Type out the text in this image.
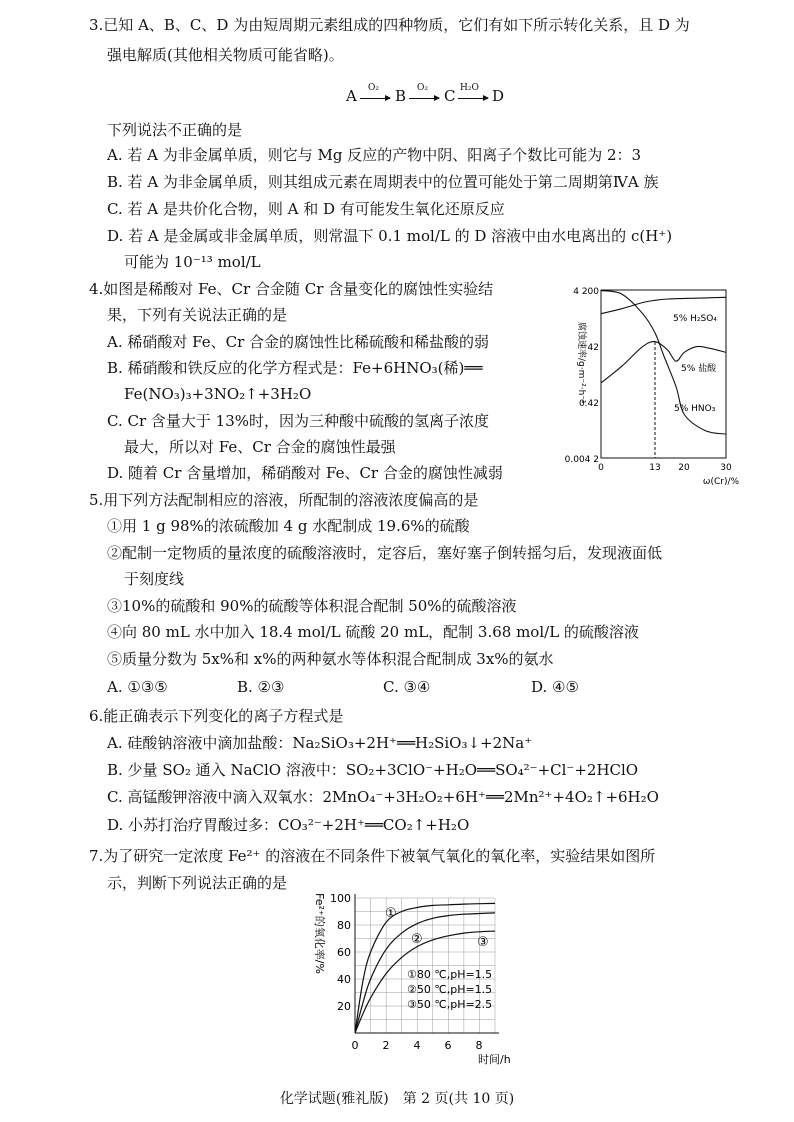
3.已知 A、B、C、D 为由短周期元素组成的四种物质，它们有如下所示转化关系，且 D 为
强电解质(其他相关物质可能省略)。
A O₂ B O₂ C H₂O D
下列说法不正确的是
A. 若 A 为非金属单质，则它与 Mg 反应的产物中阴、阳离子个数比可能为 2：3
B. 若 A 为非金属单质，则其组成元素在周期表中的位置可能处于第二周期第ⅣA 族
C. 若 A 是共价化合物，则 A 和 D 有可能发生氧化还原反应
D. 若 A 是金属或非金属单质，则常温下 0.1 mol/L 的 D 溶液中由水电离出的 c(H⁺)
可能为 10⁻¹³ mol/L
4.如图是稀酸对 Fe、Cr 合金随 Cr 含量变化的腐蚀性实验结
果，下列有关说法正确的是
A. 稀硝酸对 Fe、Cr 合金的腐蚀性比稀硫酸和稀盐酸的弱
B. 稀硝酸和铁反应的化学方程式是：Fe+6HNO₃(稀)══
Fe(NO₃)₃+3NO₂↑+3H₂O
C. Cr 含量大于 13%时，因为三种酸中硫酸的氢离子浓度
最大，所以对 Fe、Cr 合金的腐蚀性最强
D. 随着 Cr 含量增加，稀硝酸对 Fe、Cr 合金的腐蚀性减弱
腐蚀速率/g·m⁻²·h⁻¹
4 200
42
0.42
0.004 2
0	13 20	30
ω(Cr)/%
5% H₂SO₄
5% 盐酸
5% HNO₃
5.用下列方法配制相应的溶液，所配制的溶液浓度偏高的是
①用 1 g 98%的浓硫酸加 4 g 水配制成 19.6%的硫酸
②配制一定物质的量浓度的硫酸溶液时，定容后，塞好塞子倒转摇匀后，发现液面低
于刻度线
③10%的硫酸和 90%的硫酸等体积混合配制 50%的硫酸溶液
④向 80 mL 水中加入 18.4 mol/L 硫酸 20 mL，配制 3.68 mol/L 的硫酸溶液
⑤质量分数为 5x%和 x%的两种氨水等体积混合配制成 3x%的氨水
A. ①③⑤	B. ②③	C. ③④	D. ④⑤
6.能正确表示下列变化的离子方程式是
A. 硅酸钠溶液中滴加盐酸：Na₂SiO₃+2H⁺══H₂SiO₃↓+2Na⁺
B. 少量 SO₂ 通入 NaClO 溶液中：SO₂+3ClO⁻+H₂O══SO₄²⁻+Cl⁻+2HClO
C. 高锰酸钾溶液中滴入双氧水：2MnO₄⁻+3H₂O₂+6H⁺══2Mn²⁺+4O₂↑+6H₂O
D. 小苏打治疗胃酸过多：CO₃²⁻+2H⁺══CO₂↑+H₂O
7.为了研究一定浓度 Fe²⁺ 的溶液在不同条件下被氧气氧化的氧化率，实验结果如图所
示，判断下列说法正确的是
Fe²⁺的氧化率/% 100
80
60
40
20
0 2 4 6 8
时间/h
①
②	③
①80 ℃,pH=1.5
②50 ℃,pH=1.5
③50 ℃,pH=2.5
化学试题(雅礼版)　第 2 页(共 10 页)
